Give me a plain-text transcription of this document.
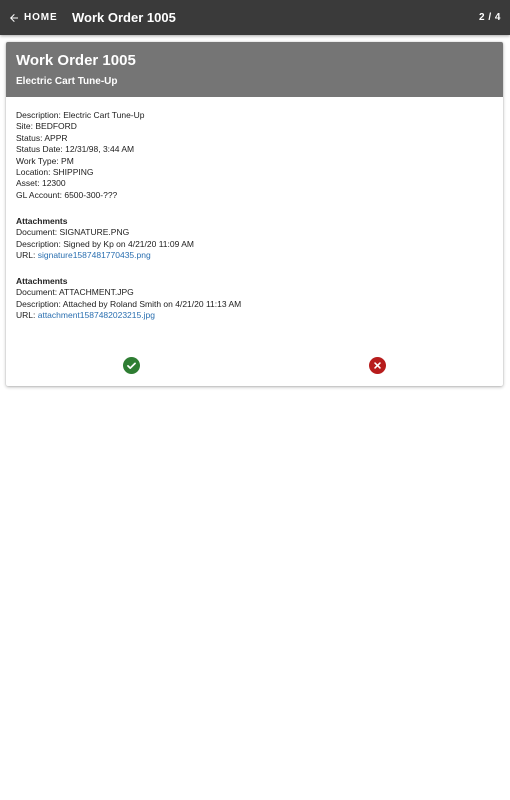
HOME Work Order 1005	2 / 4
Work Order 1005
Electric Cart Tune-Up
Description: Electric Cart Tune-Up
Site: BEDFORD
Status: APPR
Status Date: 12/31/98, 3:44 AM
Work Type: PM
Location: SHIPPING
Asset: 12300
GL Account: 6500-300-???
Attachments
Document: SIGNATURE.PNG
Description: Signed by Kp on 4/21/20 11:09 AM
URL: signature1587481770435.png
Attachments
Document: ATTACHMENT.JPG
Description: Attached by Roland Smith on 4/21/20 11:13 AM
URL: attachment1587482023215.jpg
